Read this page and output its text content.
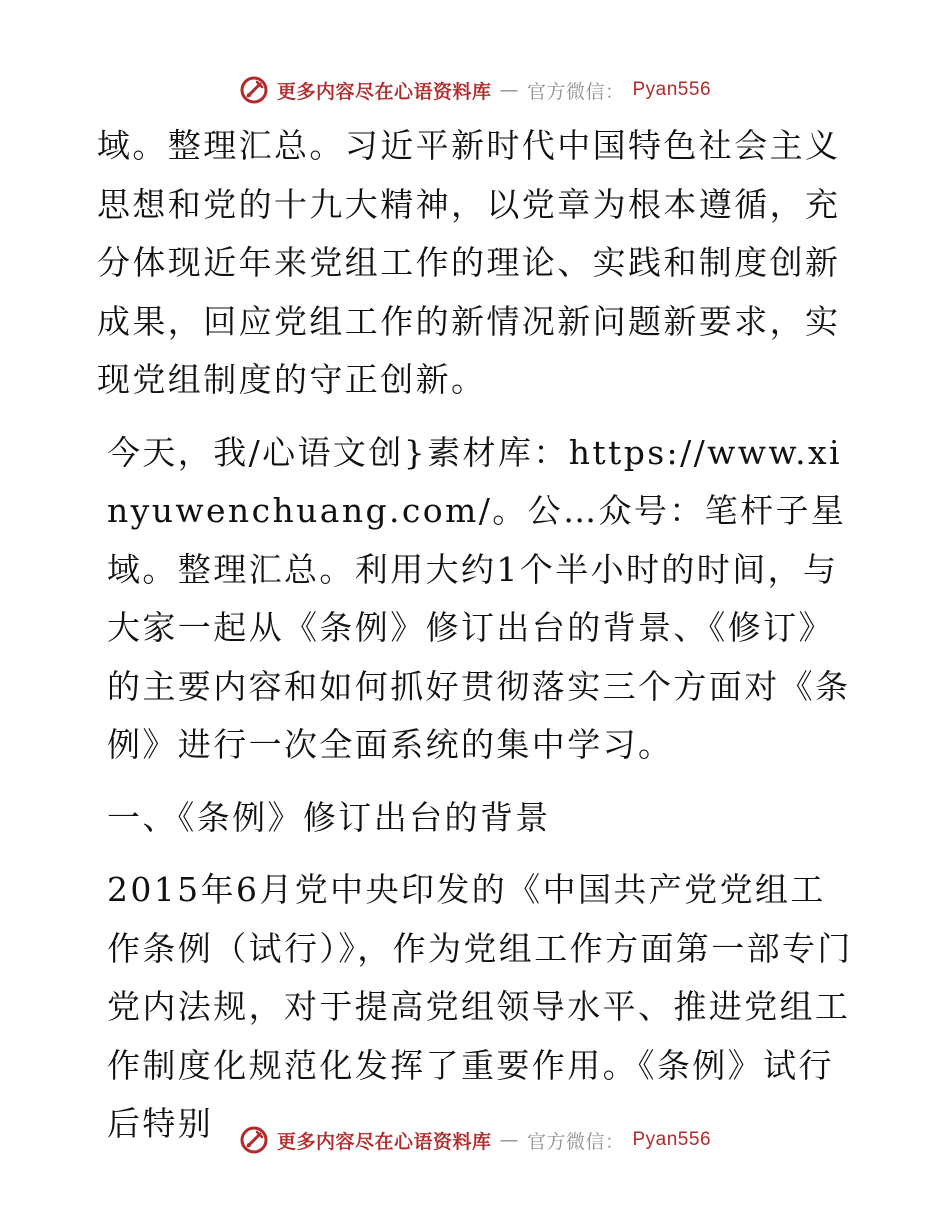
更多内容尽在心语资料库 — 官方微信： Pyan556

域。整理汇总。习近平新时代中国特色社会主义思想和党的十九大精神，以党章为根本遵循，充分体现近年来党组工作的理论、实践和制度创新成果，回应党组工作的新情况新问题新要求，实现党组制度的守正创新。

今天，我/心语文创}素材库：https://www.xinyuwenchuang.com/。公…众号：笔杆子星域。整理汇总。利用大约1个半小时的时间，与大家一起从《条例》修订出台的背景、《修订》的主要内容和如何抓好贯彻落实三个方面对《条例》进行一次全面系统的集中学习。

一、《条例》修订出台的背景

2015年6月党中央印发的《中国共产党党组工作条例（试行）》，作为党组工作方面第一部专门党内法规，对于提高党组领导水平、推进党组工作制度化规范化发挥了重要作用。《条例》试行后特别	更多内容尽在心语资料库 — 官方微信： Pyan556
